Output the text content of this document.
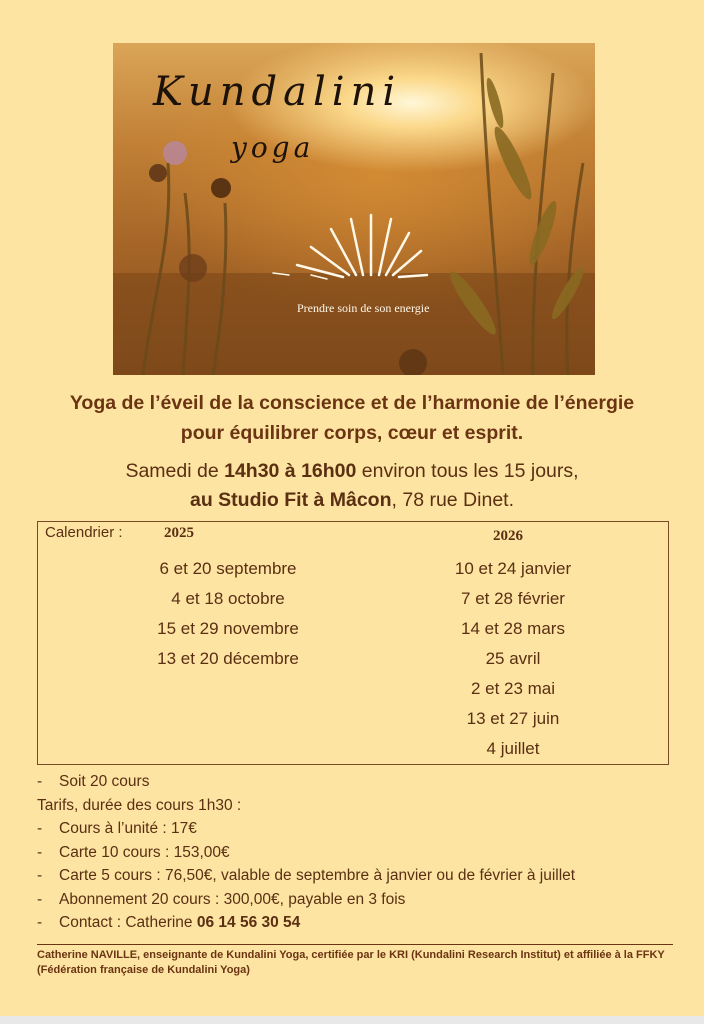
Kundalini
yoga
Prendre soin de son energie
Yoga de l’éveil de la conscience et de l’harmonie de l’énergie
pour équilibrer corps, cœur et esprit.
Samedi de 14h30 à 16h00 environ tous les 15 jours,
au Studio Fit à Mâcon, 78 rue Dinet.
Calendrier :	2025	2026
6 et 20 septembre
4 et 18 octobre
15 et 29 novembre
13 et 20 décembre
10 et 24 janvier
7 et 28 février
14 et 28 mars
25 avril
2 et 23 mai
13 et 27 juin
4 juillet
- Soit 20 cours
Tarifs, durée des cours 1h30 :
- Cours à l’unité : 17€
- Carte 10 cours : 153,00€
- Carte 5 cours : 76,50€, valable de septembre à janvier ou de février à juillet
- Abonnement 20 cours : 300,00€, payable en 3 fois
- Contact : Catherine 06 14 56 30 54
Catherine NAVILLE, enseignante de Kundalini Yoga, certifiée par le KRI (Kundalini Research Institut) et affiliée à la FFKY (Fédération française de Kundalini Yoga)
